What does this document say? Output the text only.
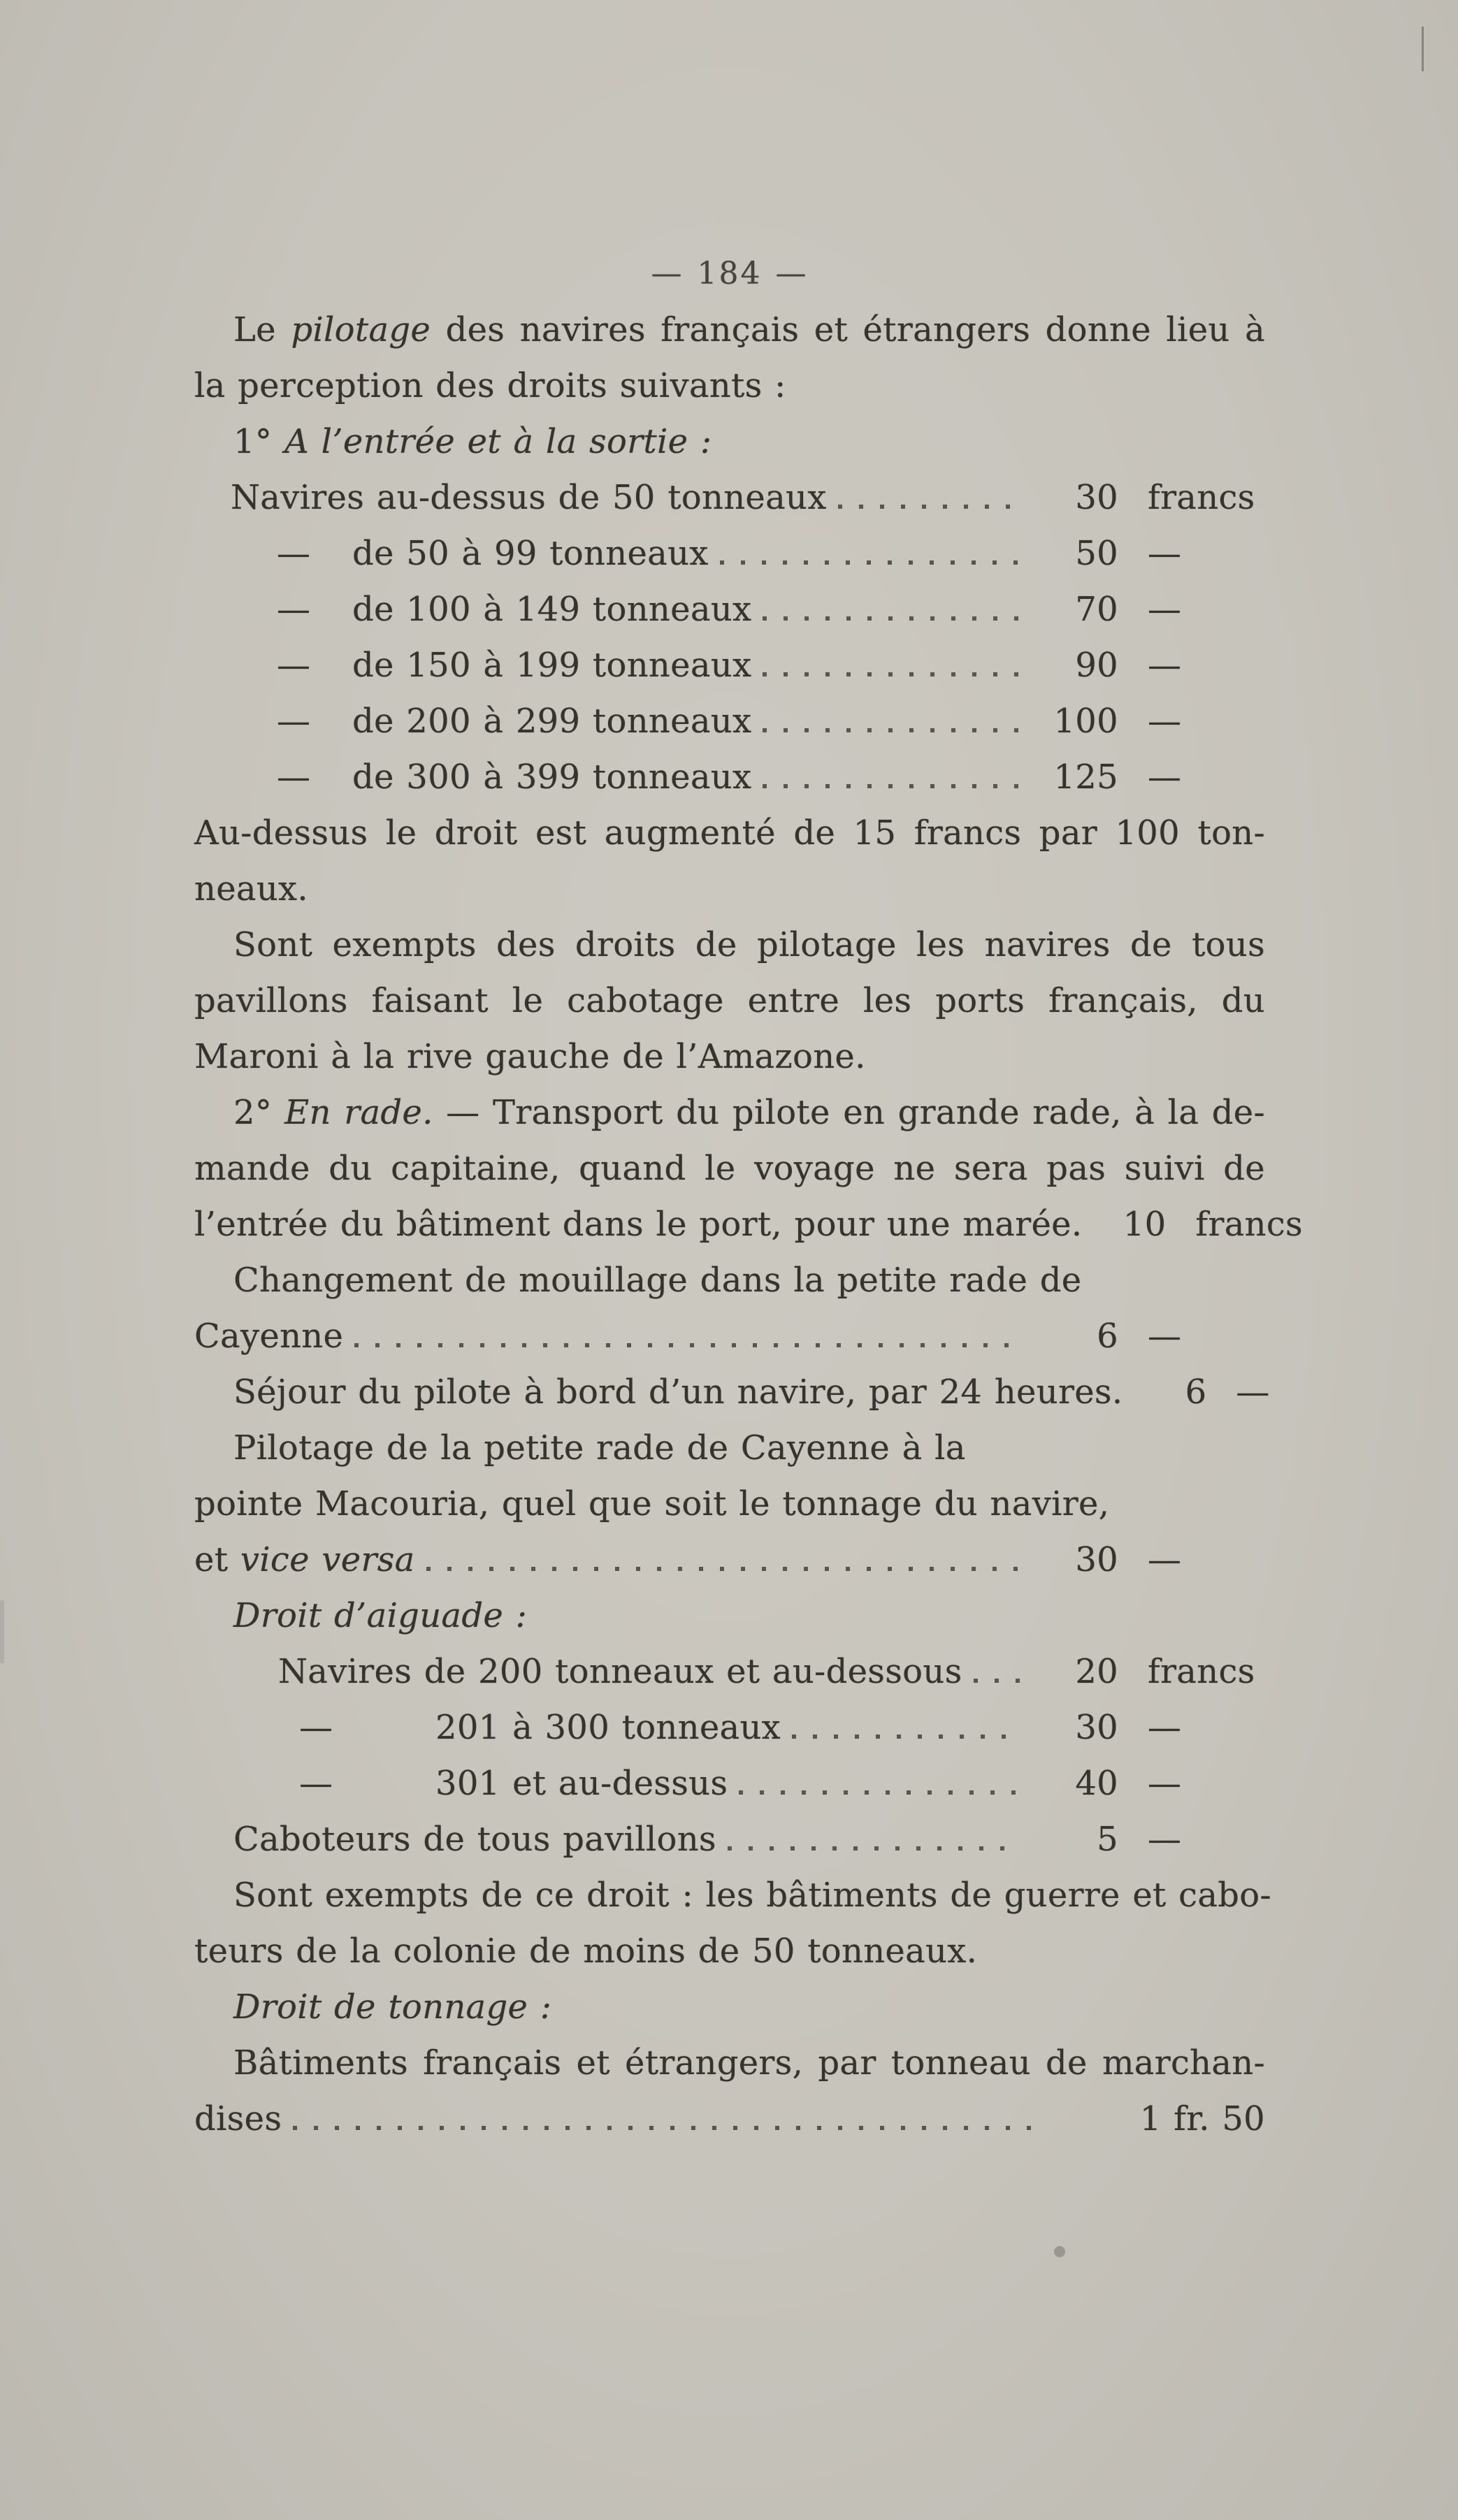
— 184 —
Le pilotage des navires français et étrangers donne lieu à
la perception des droits suivants :
1° A l’entrée et à la sortie :
Navires au-dessus de 50 tonneaux	30 francs
—	de 50 à 99 tonneaux	50 —
—	de 100 à 149 tonneaux	70 —
—	de 150 à 199 tonneaux	90 —
—	de 200 à 299 tonneaux	100 —
—	de 300 à 399 tonneaux	125 —
Au-dessus le droit est augmenté de 15 francs par 100 ton-
neaux.
Sont exempts des droits de pilotage les navires de tous
pavillons faisant le cabotage entre les ports français, du
Maroni à la rive gauche de l’Amazone.
2° En rade. — Transport du pilote en grande rade, à la de-
mande du capitaine, quand le voyage ne sera pas suivi de
l’entrée du bâtiment dans le port, pour une marée.	10 francs
Changement de mouillage dans la petite rade de
Cayenne	6 —
Séjour du pilote à bord d’un navire, par 24 heures.	6 —
Pilotage de la petite rade de Cayenne à la
pointe Macouria, quel que soit le tonnage du navire,
et vice versa	30 —
Droit d’aiguade :
Navires de 200 tonneaux et au-dessous	20 francs
—	201 à 300 tonneaux	30 —
—	301 et au-dessus	40 —
Caboteurs de tous pavillons	5 —
Sont exempts de ce droit : les bâtiments de guerre et cabo-
teurs de la colonie de moins de 50 tonneaux.
Droit de tonnage :
Bâtiments français et étrangers, par tonneau de marchan-
dises	1 fr. 50
